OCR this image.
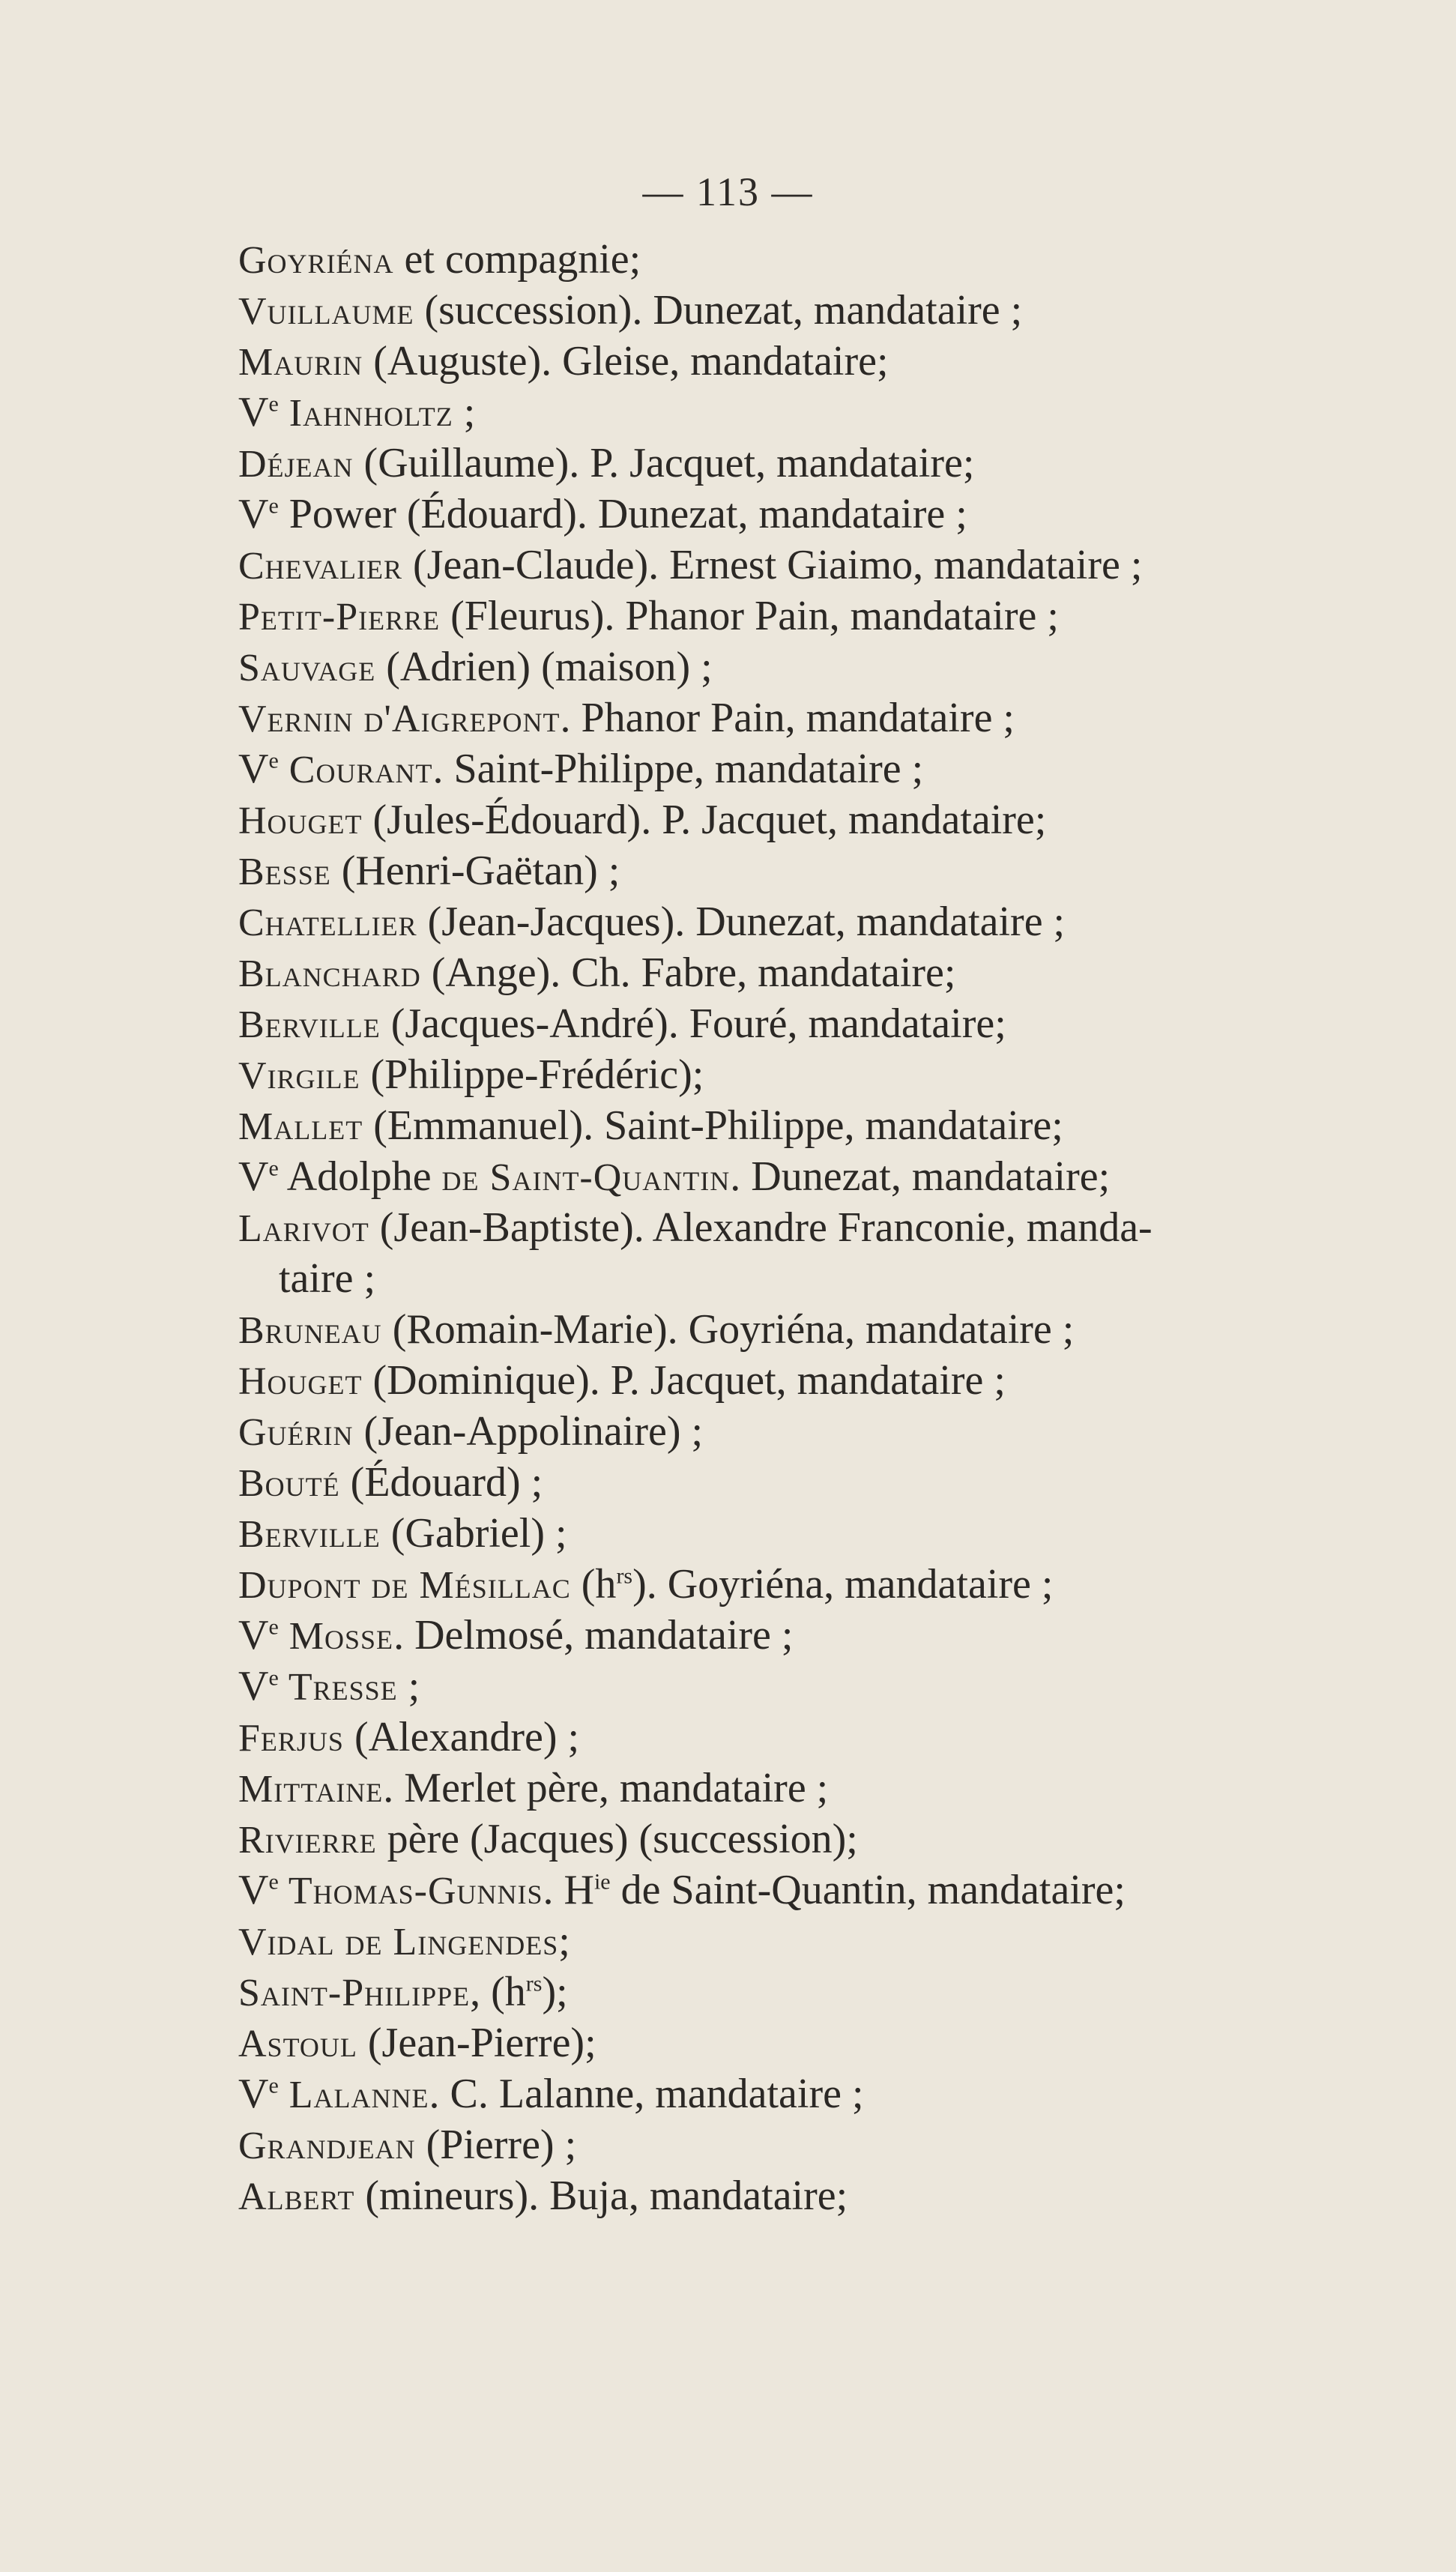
— 113 —
Goyriéna et compagnie;
Vuillaume (succession). Dunezat, mandataire ;
Maurin (Auguste). Gleise, mandataire;
Ve Iahnholtz ;
Déjean (Guillaume). P. Jacquet, mandataire;
Ve Power (Édouard). Dunezat, mandataire ;
Chevalier (Jean-Claude). Ernest Giaimo, mandataire ;
Petit-Pierre (Fleurus). Phanor Pain, mandataire ;
Sauvage (Adrien) (maison) ;
Vernin d'Aigrepont. Phanor Pain, mandataire ;
Ve Courant. Saint-Philippe, mandataire ;
Houget (Jules-Édouard). P. Jacquet, mandataire;
Besse (Henri-Gaëtan) ;
Chatellier (Jean-Jacques). Dunezat, mandataire ;
Blanchard (Ange). Ch. Fabre, mandataire;
Berville (Jacques-André). Fouré, mandataire;
Virgile (Philippe-Frédéric);
Mallet (Emmanuel). Saint-Philippe, mandataire;
Ve Adolphe de Saint-Quantin. Dunezat, mandataire;
Larivot (Jean-Baptiste). Alexandre Franconie, manda-
taire ;
Bruneau (Romain-Marie). Goyriéna, mandataire ;
Houget (Dominique). P. Jacquet, mandataire ;
Guérin (Jean-Appolinaire) ;
Bouté (Édouard) ;
Berville (Gabriel) ;
Dupont de Mésillac $(h^{rs})$. Goyriéna, mandataire ;
Ve Mosse. Delmosé, mandataire ;
Ve Tresse ;
Ferjus (Alexandre) ;
Mittaine. Merlet père, mandataire ;
Rivierre père (Jacques) (succession);
Ve Thomas-Gunnis. $H^{ie}$ de Saint-Quantin, mandataire;
Vidal de Lingendes;
Saint-Philippe, $(h^{rs})$;
Astoul (Jean-Pierre);
Ve Lalanne. C. Lalanne, mandataire ;
Grandjean (Pierre) ;
Albert (mineurs). Buja, mandataire;
